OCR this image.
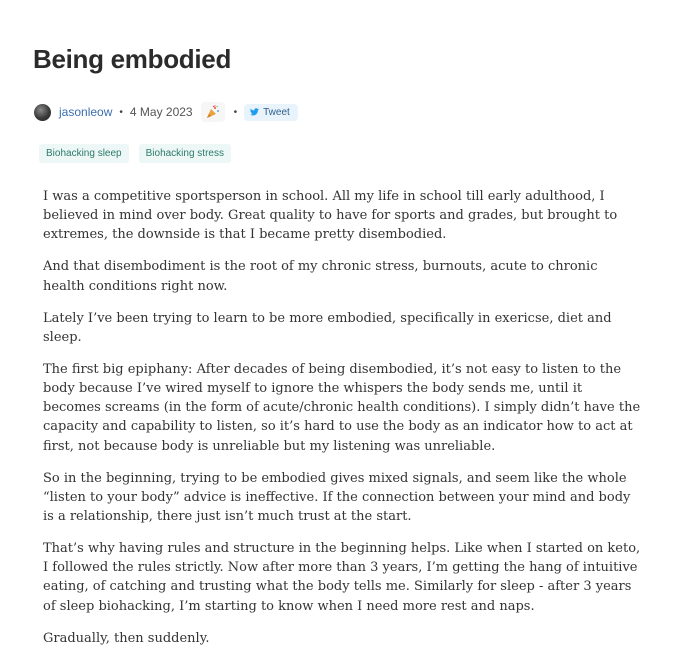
Being embodied
jasonleow • 4 May 2023	•	Tweet
Biohacking sleep	Biohacking stress

I was a competitive sportsperson in school. All my life in school till early adulthood, I believed in mind over body. Great quality to have for sports and grades, but brought to extremes, the downside is that I became pretty disembodied.

And that disembodiment is the root of my chronic stress, burnouts, acute to chronic health conditions right now.

Lately I’ve been trying to learn to be more embodied, specifically in exericse, diet and sleep.

The first big epiphany: After decades of being disembodied, it’s not easy to listen to the body because I’ve wired myself to ignore the whispers the body sends me, until it becomes screams (in the form of acute/chronic health conditions). I simply didn’t have the capacity and capability to listen, so it’s hard to use the body as an indicator how to act at first, not because body is unreliable but my listening was unreliable.

So in the beginning, trying to be embodied gives mixed signals, and seem like the whole “listen to your body” advice is ineffective. If the connection between your mind and body is a relationship, there just isn’t much trust at the start.

That’s why having rules and structure in the beginning helps. Like when I started on keto, I followed the rules strictly. Now after more than 3 years, I’m getting the hang of intuitive eating, of catching and trusting what the body tells me. Similarly for sleep - after 3 years of sleep biohacking, I’m starting to know when I need more rest and naps.

Gradually, then suddenly.
